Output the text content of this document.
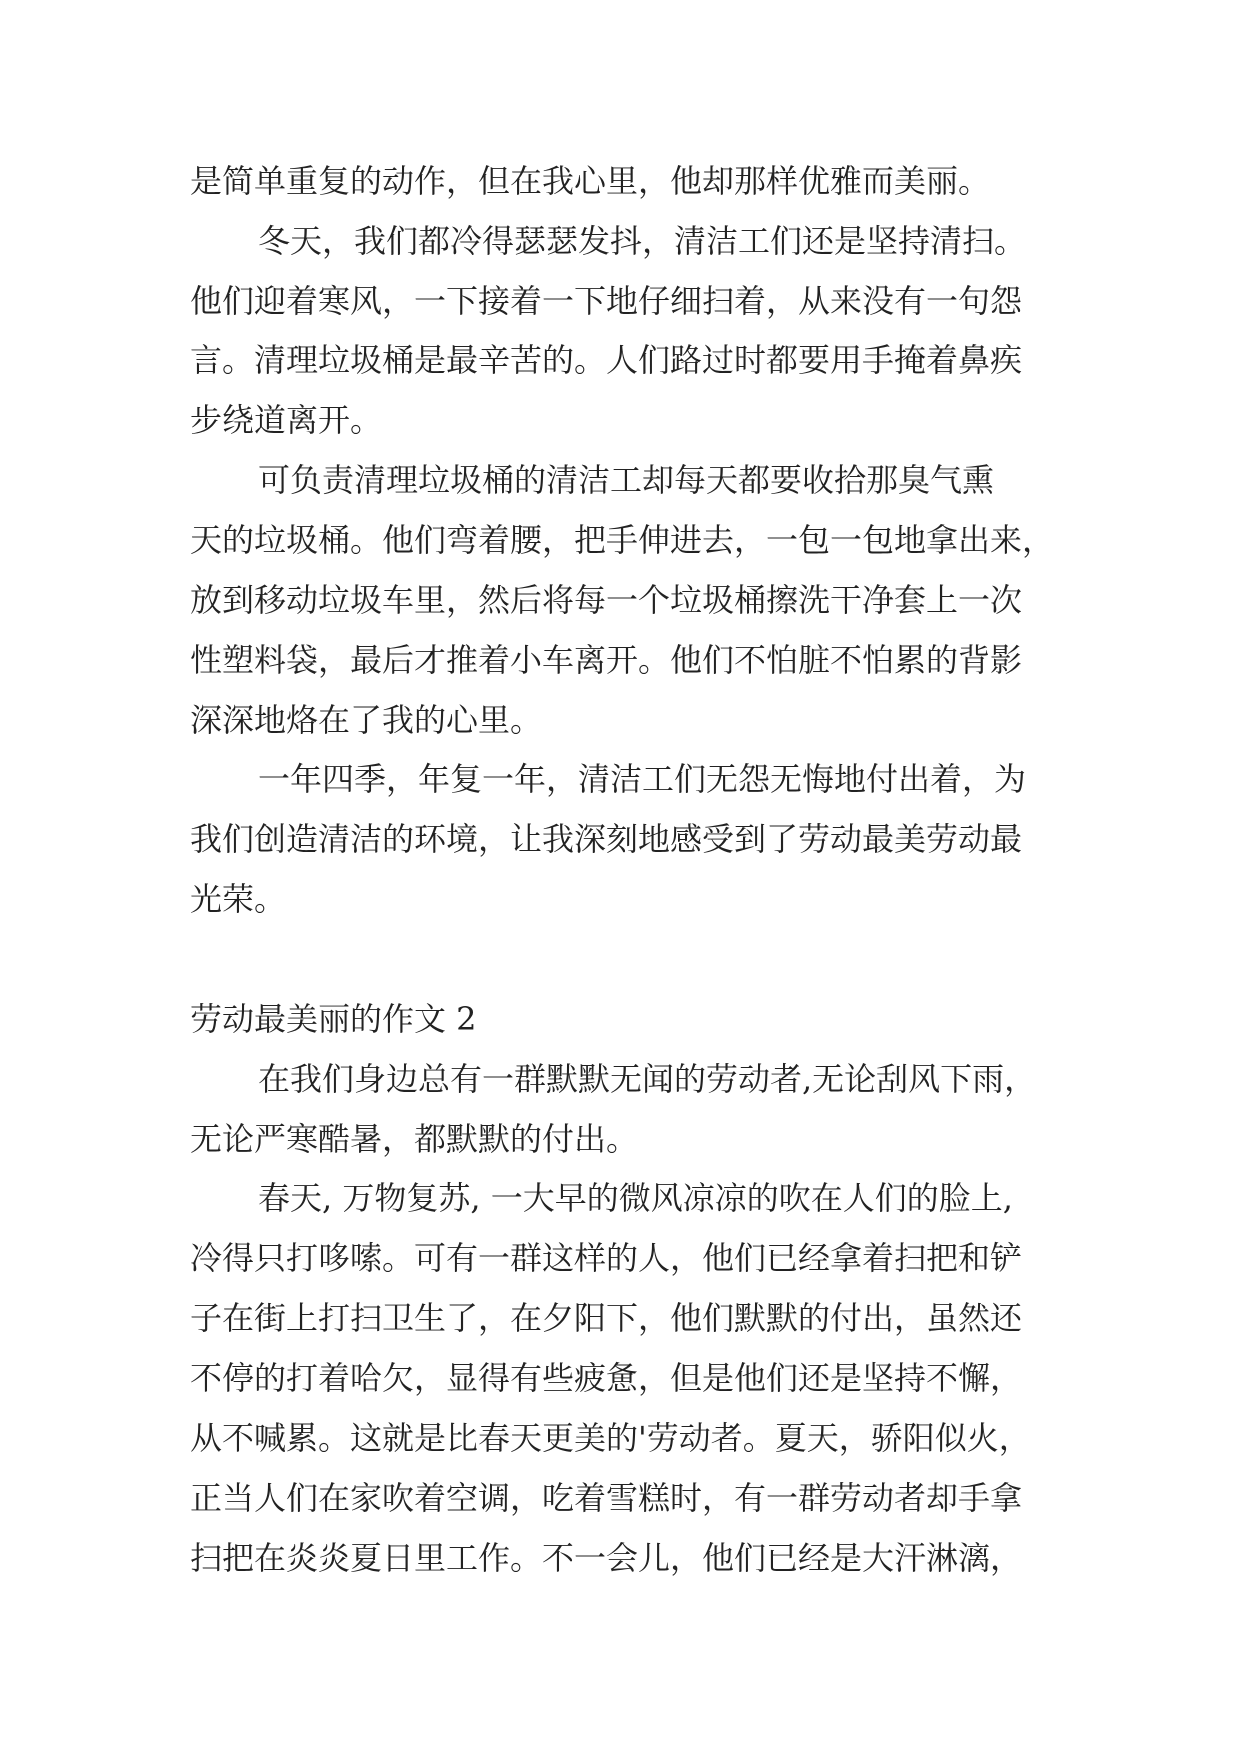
是简单重复的动作，但在我心里，他却那样优雅而美丽。
冬天，我们都冷得瑟瑟发抖，清洁工们还是坚持清扫。
他们迎着寒风，一下接着一下地仔细扫着，从来没有一句怨
言。清理垃圾桶是最辛苦的。人们路过时都要用手掩着鼻疾
步绕道离开。
可负责清理垃圾桶的清洁工却每天都要收拾那臭气熏
天的垃圾桶。他们弯着腰，把手伸进去，一包一包地拿出来，
放到移动垃圾车里，然后将每一个垃圾桶擦洗干净套上一次
性塑料袋，最后才推着小车离开。他们不怕脏不怕累的背影
深深地烙在了我的心里。
一年四季，年复一年，清洁工们无怨无悔地付出着，为
我们创造清洁的环境，让我深刻地感受到了劳动最美劳动最
光荣。
劳动最美丽的作文 2
在我们身边总有一群默默无闻的劳动者,无论刮风下雨，
无论严寒酷暑，都默默的付出。
春天, 万物复苏, 一大早的微风凉凉的吹在人们的脸上,
冷得只打哆嗦。可有一群这样的人，他们已经拿着扫把和铲
子在街上打扫卫生了，在夕阳下，他们默默的付出，虽然还
不停的打着哈欠，显得有些疲惫，但是他们还是坚持不懈，
从不喊累。这就是比春天更美的'劳动者。夏天，骄阳似火，
正当人们在家吹着空调，吃着雪糕时，有一群劳动者却手拿
扫把在炎炎夏日里工作。不一会儿，他们已经是大汗淋漓，
